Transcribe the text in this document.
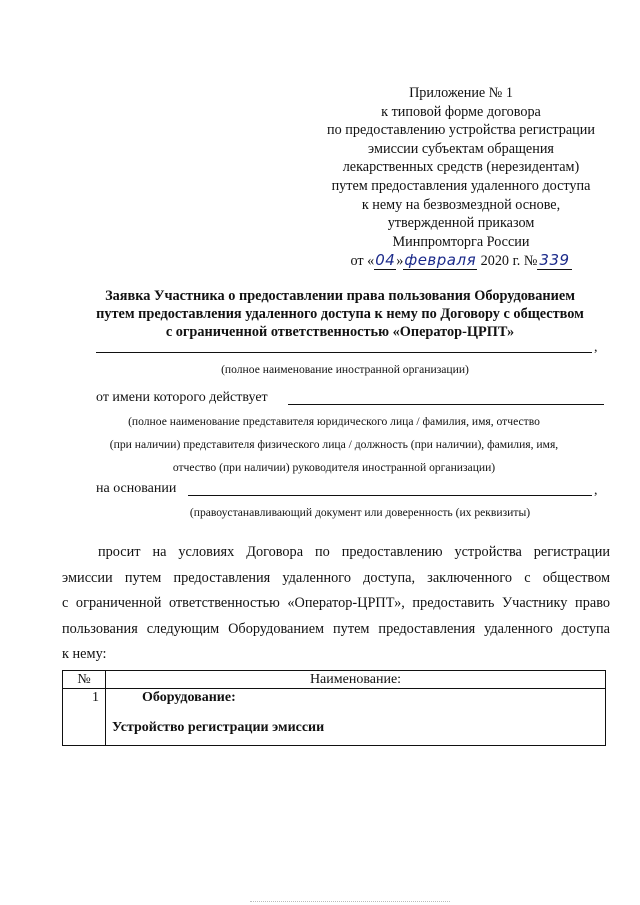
Приложение № 1
к типовой форме договора
по предоставлению устройства регистрации
эмиссии субъектам обращения
лекарственных средств (нерезидентам)
путем предоставления удаленного доступа
к нему на безвозмездной основе,
утвержденной приказом
Минпромторга России
от «04»февраля 2020 г. № 339
Заявка Участника о предоставлении права пользования Оборудованием
путем предоставления удаленного доступа к нему по Договору с обществом
с ограниченной ответственностью «Оператор-ЦРПТ»
,
(полное наименование иностранной организации)
от имени которого действует
(полное наименование представителя юридического лица / фамилия, имя, отчество
(при наличии) представителя физического лица / должность (при наличии), фамилия, имя,
отчество (при наличии) руководителя иностранной организации)
на основании	,
(правоустанавливающий документ или доверенность (их реквизиты)
просит на условиях Договора по предоставлению устройства регистрации
эмиссии путем предоставления удаленного доступа, заключенного с обществом
с ограниченной ответственностью «Оператор-ЦРПТ», предоставить Участнику право
пользования следующим Оборудованием путем предоставления удаленного доступа
к нему:
№	Наименование:
1	Оборудование:
Устройство регистрации эмиссии
